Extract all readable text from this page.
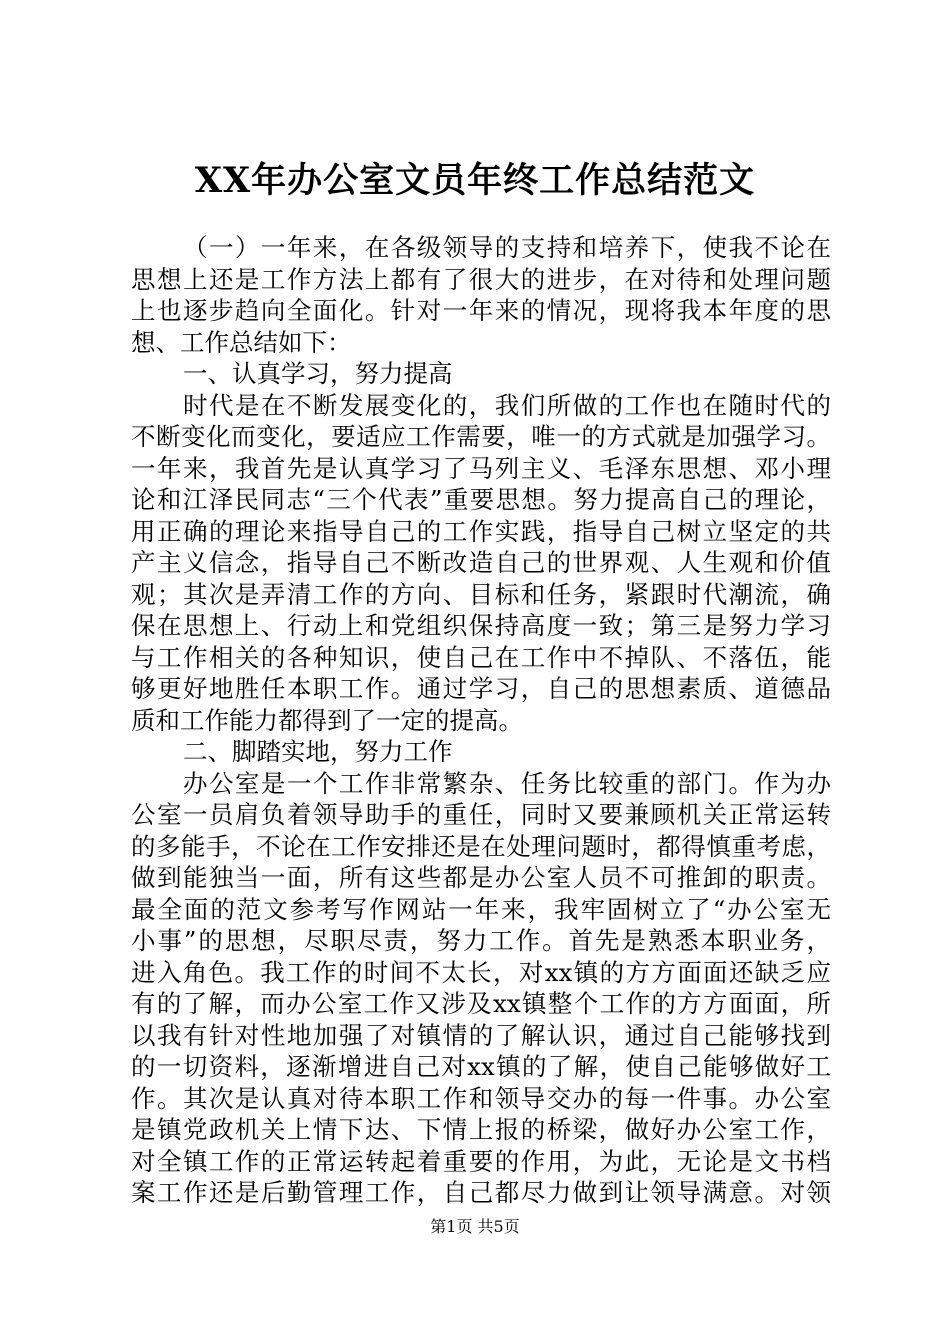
XX年办公室文员年终工作总结范文
（一）一年来，在各级领导的支持和培养下，使我不论在
思想上还是工作方法上都有了很大的进步，在对待和处理问题
上也逐步趋向全面化。针对一年来的情况，现将我本年度的思
想、工作总结如下：
一、认真学习，努力提高
时代是在不断发展变化的，我们所做的工作也在随时代的
不断变化而变化，要适应工作需要，唯一的方式就是加强学习。
一年来，我首先是认真学习了马列主义、毛泽东思想、邓小理
论和江泽民同志“三个代表”重要思想。努力提高自己的理论，
用正确的理论来指导自己的工作实践，指导自己树立坚定的共
产主义信念，指导自己不断改造自己的世界观、人生观和价值
观；其次是弄清工作的方向、目标和任务，紧跟时代潮流，确
保在思想上、行动上和党组织保持高度一致；第三是努力学习
与工作相关的各种知识，使自己在工作中不掉队、不落伍，能
够更好地胜任本职工作。通过学习，自己的思想素质、道德品
质和工作能力都得到了一定的提高。
二、脚踏实地，努力工作
办公室是一个工作非常繁杂、任务比较重的部门。作为办
公室一员肩负着领导助手的重任，同时又要兼顾机关正常运转
的多能手，不论在工作安排还是在处理问题时，都得慎重考虑，
做到能独当一面，所有这些都是办公室人员不可推卸的职责。
最全面的范文参考写作网站一年来，我牢固树立了“办公室无
小事”的思想，尽职尽责，努力工作。首先是熟悉本职业务，
进入角色。我工作的时间不太长，对xx镇的方方面面还缺乏应
有的了解，而办公室工作又涉及xx镇整个工作的方方面面，所
以我有针对性地加强了对镇情的了解认识，通过自己能够找到
的一切资料，逐渐增进自己对xx镇的了解，使自己能够做好工
作。其次是认真对待本职工作和领导交办的每一件事。办公室
是镇党政机关上情下达、下情上报的桥梁，做好办公室工作，
对全镇工作的正常运转起着重要的作用，为此，无论是文书档
案工作还是后勤管理工作，自己都尽力做到让领导满意。对领
第1页 共5页
